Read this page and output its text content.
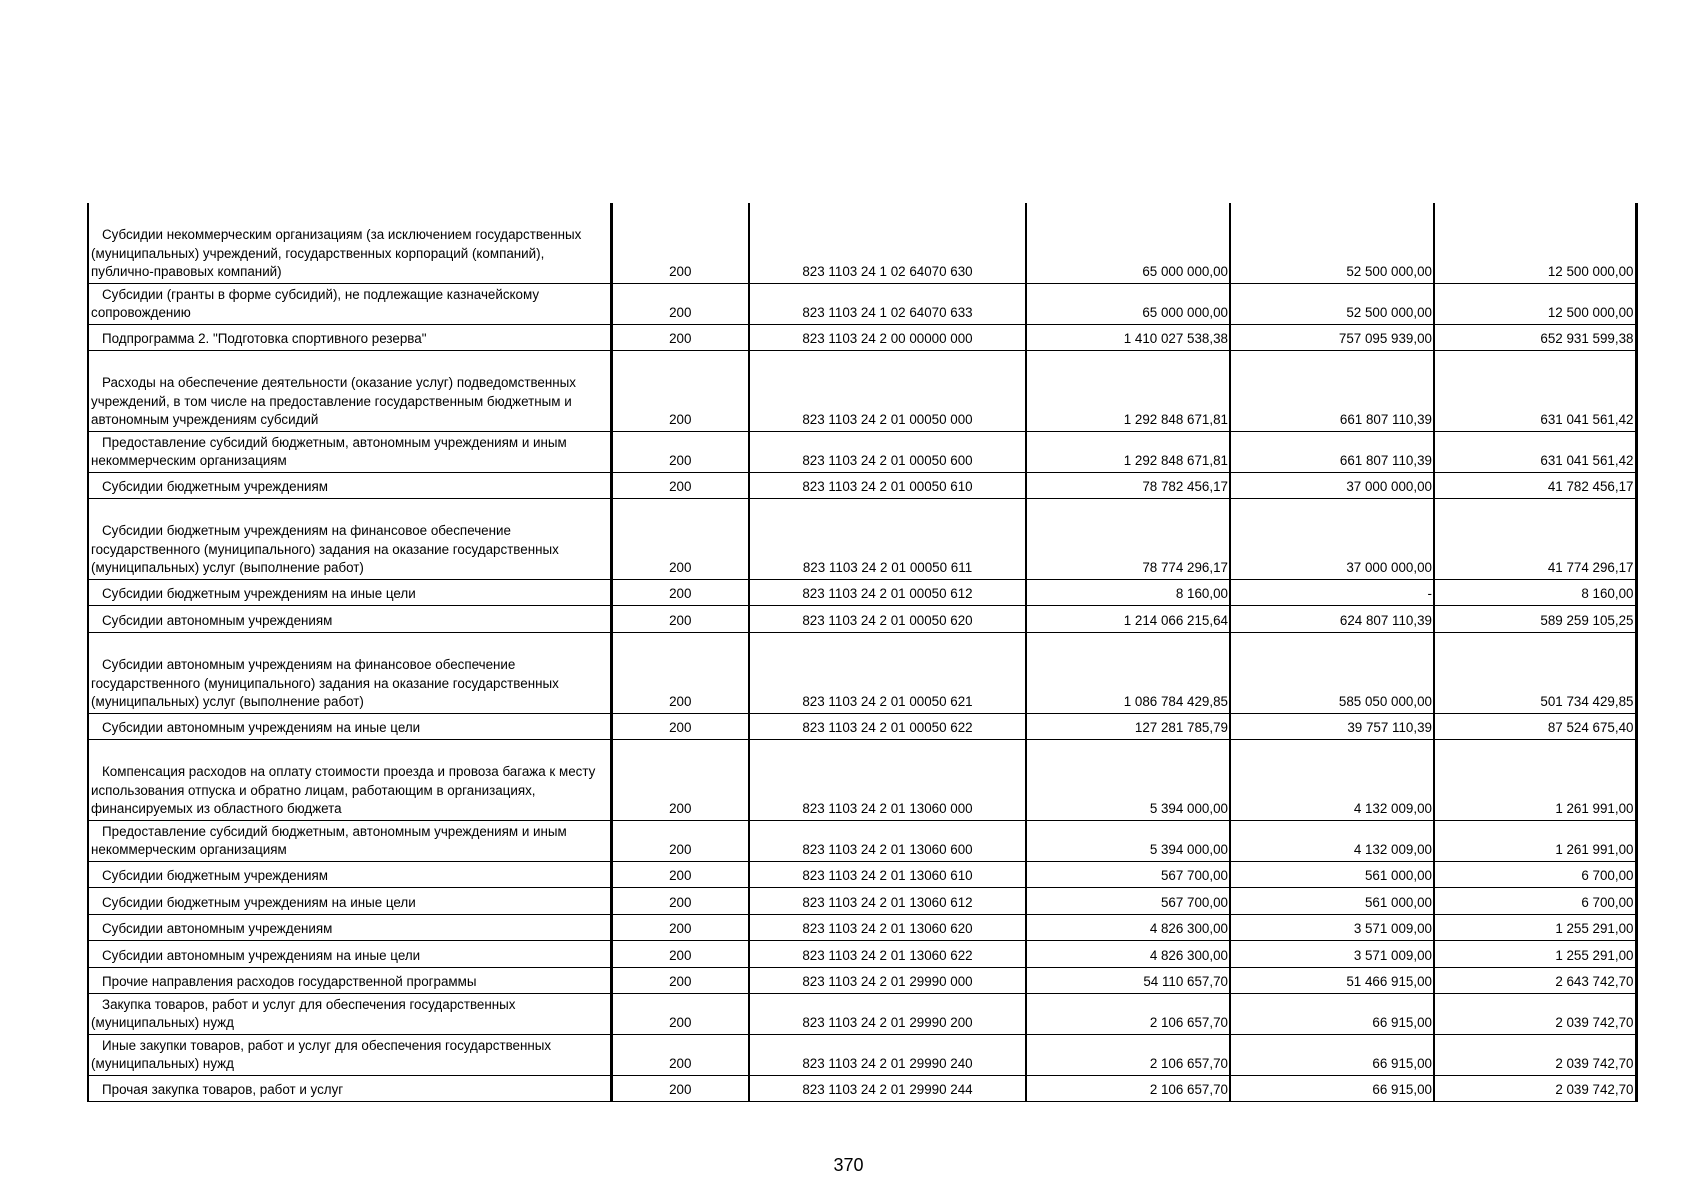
Субсидии некоммерческим организациям (за исключением государственных (муниципальных) учреждений, государственных корпораций (компаний), публично-правовых компаний)	200	823 1103 24 1 02 64070 630	65 000 000,00	52 500 000,00	12 500 000,00

Субсидии (гранты в форме субсидий), не подлежащие казначейскому сопровождению	200	823 1103 24 1 02 64070 633	65 000 000,00	52 500 000,00	12 500 000,00

Подпрограмма 2. "Подготовка спортивного резерва"	200	823 1103 24 2 00 00000 000	1 410 027 538,38	757 095 939,00	652 931 599,38

Расходы на обеспечение деятельности (оказание услуг) подведомственных учреждений, в том числе на предоставление государственным бюджетным и автономным учреждениям субсидий	200	823 1103 24 2 01 00050 000	1 292 848 671,81	661 807 110,39	631 041 561,42

Предоставление субсидий бюджетным, автономным учреждениям и иным некоммерческим организациям	200	823 1103 24 2 01 00050 600	1 292 848 671,81	661 807 110,39	631 041 561,42

Субсидии бюджетным учреждениям	200	823 1103 24 2 01 00050 610	78 782 456,17	37 000 000,00	41 782 456,17

Субсидии бюджетным учреждениям на финансовое обеспечение государственного (муниципального) задания на оказание государственных (муниципальных) услуг (выполнение работ)	200	823 1103 24 2 01 00050 611	78 774 296,17	37 000 000,00	41 774 296,17

Субсидии бюджетным учреждениям на иные цели	200	823 1103 24 2 01 00050 612	8 160,00	-	8 160,00

Субсидии автономным учреждениям	200	823 1103 24 2 01 00050 620	1 214 066 215,64	624 807 110,39	589 259 105,25

Субсидии автономным учреждениям на финансовое обеспечение государственного (муниципального) задания на оказание государственных (муниципальных) услуг (выполнение работ)	200	823 1103 24 2 01 00050 621	1 086 784 429,85	585 050 000,00	501 734 429,85

Субсидии автономным учреждениям на иные цели	200	823 1103 24 2 01 00050 622	127 281 785,79	39 757 110,39	87 524 675,40

Компенсация расходов на оплату стоимости проезда и провоза багажа к месту использования отпуска и обратно лицам, работающим в организациях, финансируемых из областного бюджета	200	823 1103 24 2 01 13060 000	5 394 000,00	4 132 009,00	1 261 991,00

Предоставление субсидий бюджетным, автономным учреждениям и иным некоммерческим организациям	200	823 1103 24 2 01 13060 600	5 394 000,00	4 132 009,00	1 261 991,00

Субсидии бюджетным учреждениям	200	823 1103 24 2 01 13060 610	567 700,00	561 000,00	6 700,00

Субсидии бюджетным учреждениям на иные цели	200	823 1103 24 2 01 13060 612	567 700,00	561 000,00	6 700,00

Субсидии автономным учреждениям	200	823 1103 24 2 01 13060 620	4 826 300,00	3 571 009,00	1 255 291,00

Субсидии автономным учреждениям на иные цели	200	823 1103 24 2 01 13060 622	4 826 300,00	3 571 009,00	1 255 291,00

Прочие направления расходов государственной программы	200	823 1103 24 2 01 29990 000	54 110 657,70	51 466 915,00	2 643 742,70

Закупка товаров, работ и услуг для обеспечения государственных (муниципальных) нужд	200	823 1103 24 2 01 29990 200	2 106 657,70	66 915,00	2 039 742,70

Иные закупки товаров, работ и услуг для обеспечения государственных (муниципальных) нужд	200	823 1103 24 2 01 29990 240	2 106 657,70	66 915,00	2 039 742,70

Прочая закупка товаров, работ и услуг	200	823 1103 24 2 01 29990 244	2 106 657,70	66 915,00	2 039 742,70
370
